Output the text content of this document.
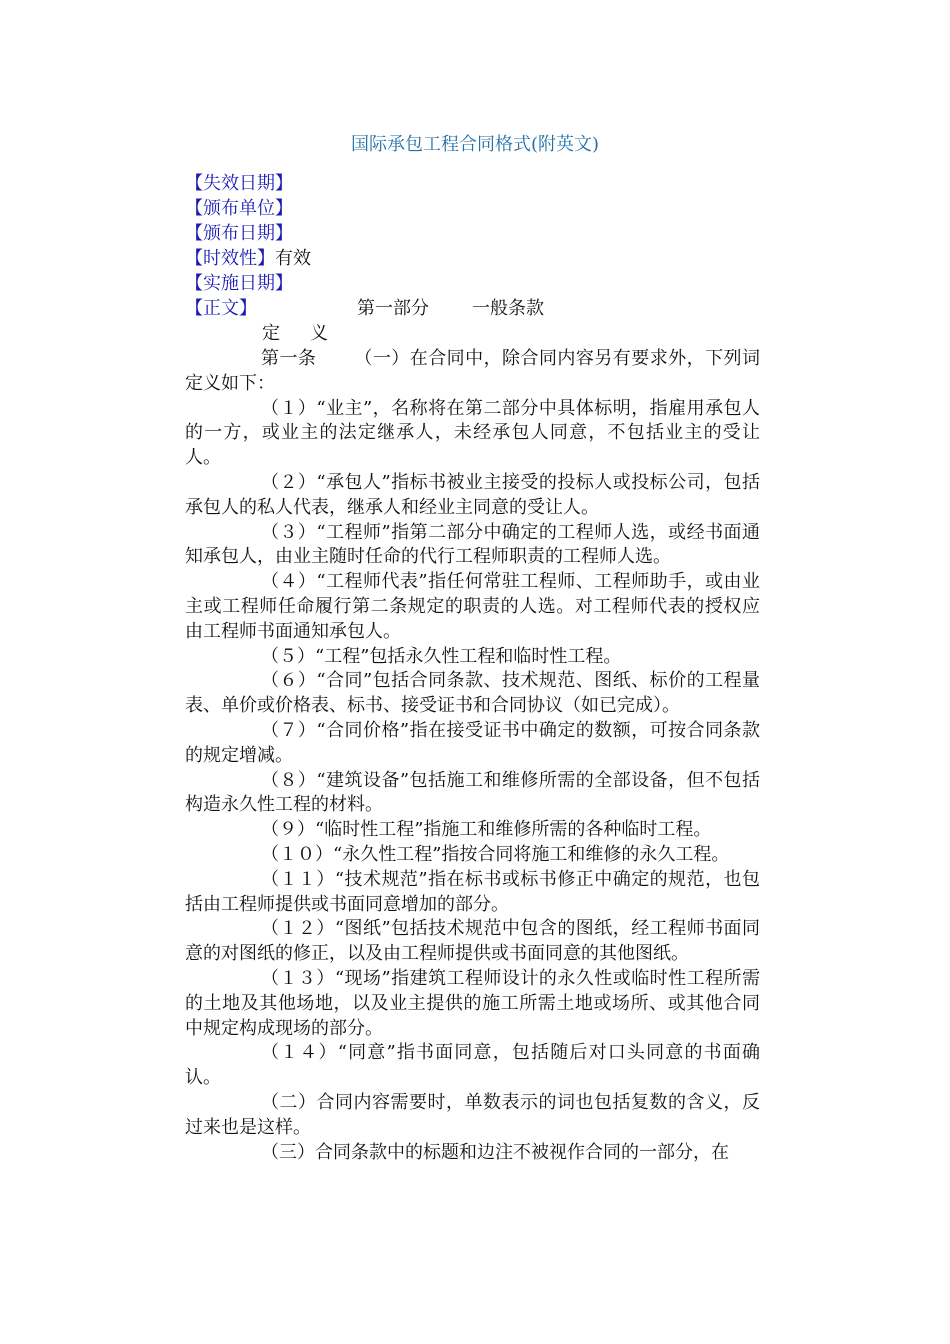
国际承包工程合同格式(附英文)
【失效日期】
【颁布单位】
【颁布日期】
【时效性】有效
【实施日期】
【正文】	第一部分 一般条款
定 义

第一条 （一）在合同中，除合同内容另有要求外，下列词定义如下：

（１）“业主”，名称将在第二部分中具体标明，指雇用承包人的一方，或业主的法定继承人，未经承包人同意，不包括业主的受让人。

（２）“承包人”指标书被业主接受的投标人或投标公司，包括承包人的私人代表，继承人和经业主同意的受让人。

（３）“工程师”指第二部分中确定的工程师人选，或经书面通知承包人，由业主随时任命的代行工程师职责的工程师人选。

（４）“工程师代表”指任何常驻工程师、工程师助手，或由业主或工程师任命履行第二条规定的职责的人选。对工程师代表的授权应由工程师书面通知承包人。

（５）“工程”包括永久性工程和临时性工程。

（６）“合同”包括合同条款、技术规范、图纸、标价的工程量表、单价或价格表、标书、接受证书和合同协议（如已完成）。

（７）“合同价格”指在接受证书中确定的数额，可按合同条款的规定增减。

（８）“建筑设备”包括施工和维修所需的全部设备，但不包括构造永久性工程的材料。

（９）“临时性工程”指施工和维修所需的各种临时工程。

（１０）“永久性工程”指按合同将施工和维修的永久工程。

（１１）“技术规范”指在标书或标书修正中确定的规范，也包括由工程师提供或书面同意增加的部分。

（１２）“图纸”包括技术规范中包含的图纸，经工程师书面同意的对图纸的修正，以及由工程师提供或书面同意的其他图纸。

（１３）“现场”指建筑工程师设计的永久性或临时性工程所需的土地及其他场地，以及业主提供的施工所需土地或场所、或其他合同中规定构成现场的部分。

（１４）“同意”指书面同意，包括随后对口头同意的书面确认。

（二）合同内容需要时，单数表示的词也包括复数的含义，反过来也是这样。

（三）合同条款中的标题和边注不被视作合同的一部分，在
